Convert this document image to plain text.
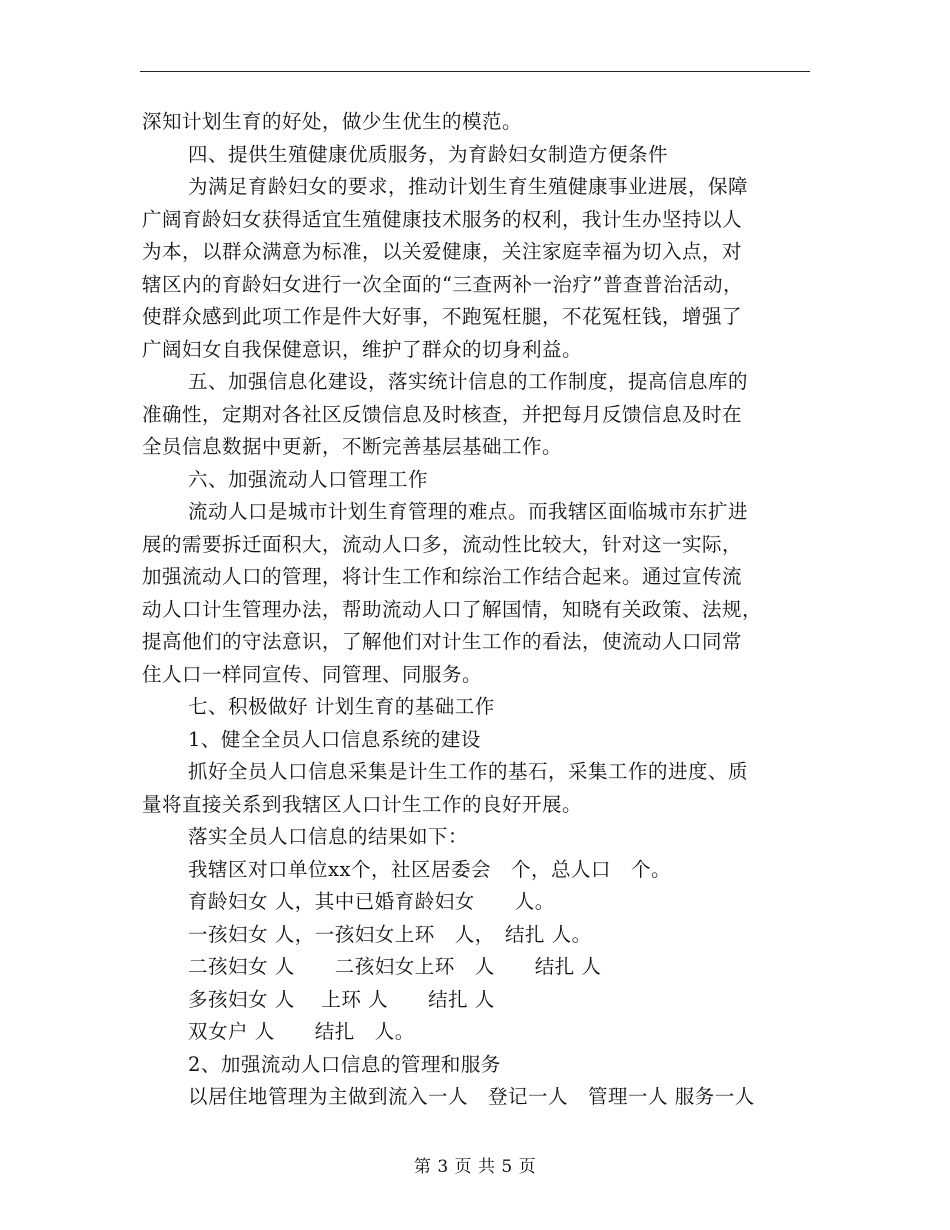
深知计划生育的好处，做少生优生的模范。
四、提供生殖健康优质服务，为育龄妇女制造方便条件
为满足育龄妇女的要求，推动计划生育生殖健康事业进展，保障
广阔育龄妇女获得适宜生殖健康技术服务的权利，我计生办坚持以人
为本，以群众满意为标准，以关爱健康，关注家庭幸福为切入点，对
辖区内的育龄妇女进行一次全面的“三查两补一治疗”普查普治活动，
使群众感到此项工作是件大好事，不跑冤枉腿，不花冤枉钱，增强了
广阔妇女自我保健意识，维护了群众的切身利益。
五、加强信息化建设，落实统计信息的工作制度，提高信息库的
准确性，定期对各社区反馈信息及时核查，并把每月反馈信息及时在
全员信息数据中更新，不断完善基层基础工作。
六、加强流动人口管理工作
流动人口是城市计划生育管理的难点。而我辖区面临城市东扩进
展的需要拆迁面积大，流动人口多，流动性比较大，针对这一实际，
加强流动人口的管理，将计生工作和综治工作结合起来。通过宣传流
动人口计生管理办法，帮助流动人口了解国情，知晓有关政策、法规，
提高他们的守法意识，了解他们对计生工作的看法，使流动人口同常
住人口一样同宣传、同管理、同服务。
七、积极做好 计划生育的基础工作
1、健全全员人口信息系统的建设
抓好全员人口信息采集是计生工作的基石，采集工作的进度、质
量将直接关系到我辖区人口计生工作的良好开展。
落实全员人口信息的结果如下：
我辖区对口单位xx个，社区居委会　个，总人口　个。
育龄妇女 人，其中已婚育龄妇女　　人。
一孩妇女 人，一孩妇女上环　人，　结扎 人。
二孩妇女 人　　二孩妇女上环　人　　结扎 人
多孩妇女 人　 上环 人　　结扎 人
双女户 人　　结扎　人。
2、加强流动人口信息的管理和服务
以居住地管理为主做到流入一人　登记一人　管理一人 服务一人
第 3 页 共 5 页
